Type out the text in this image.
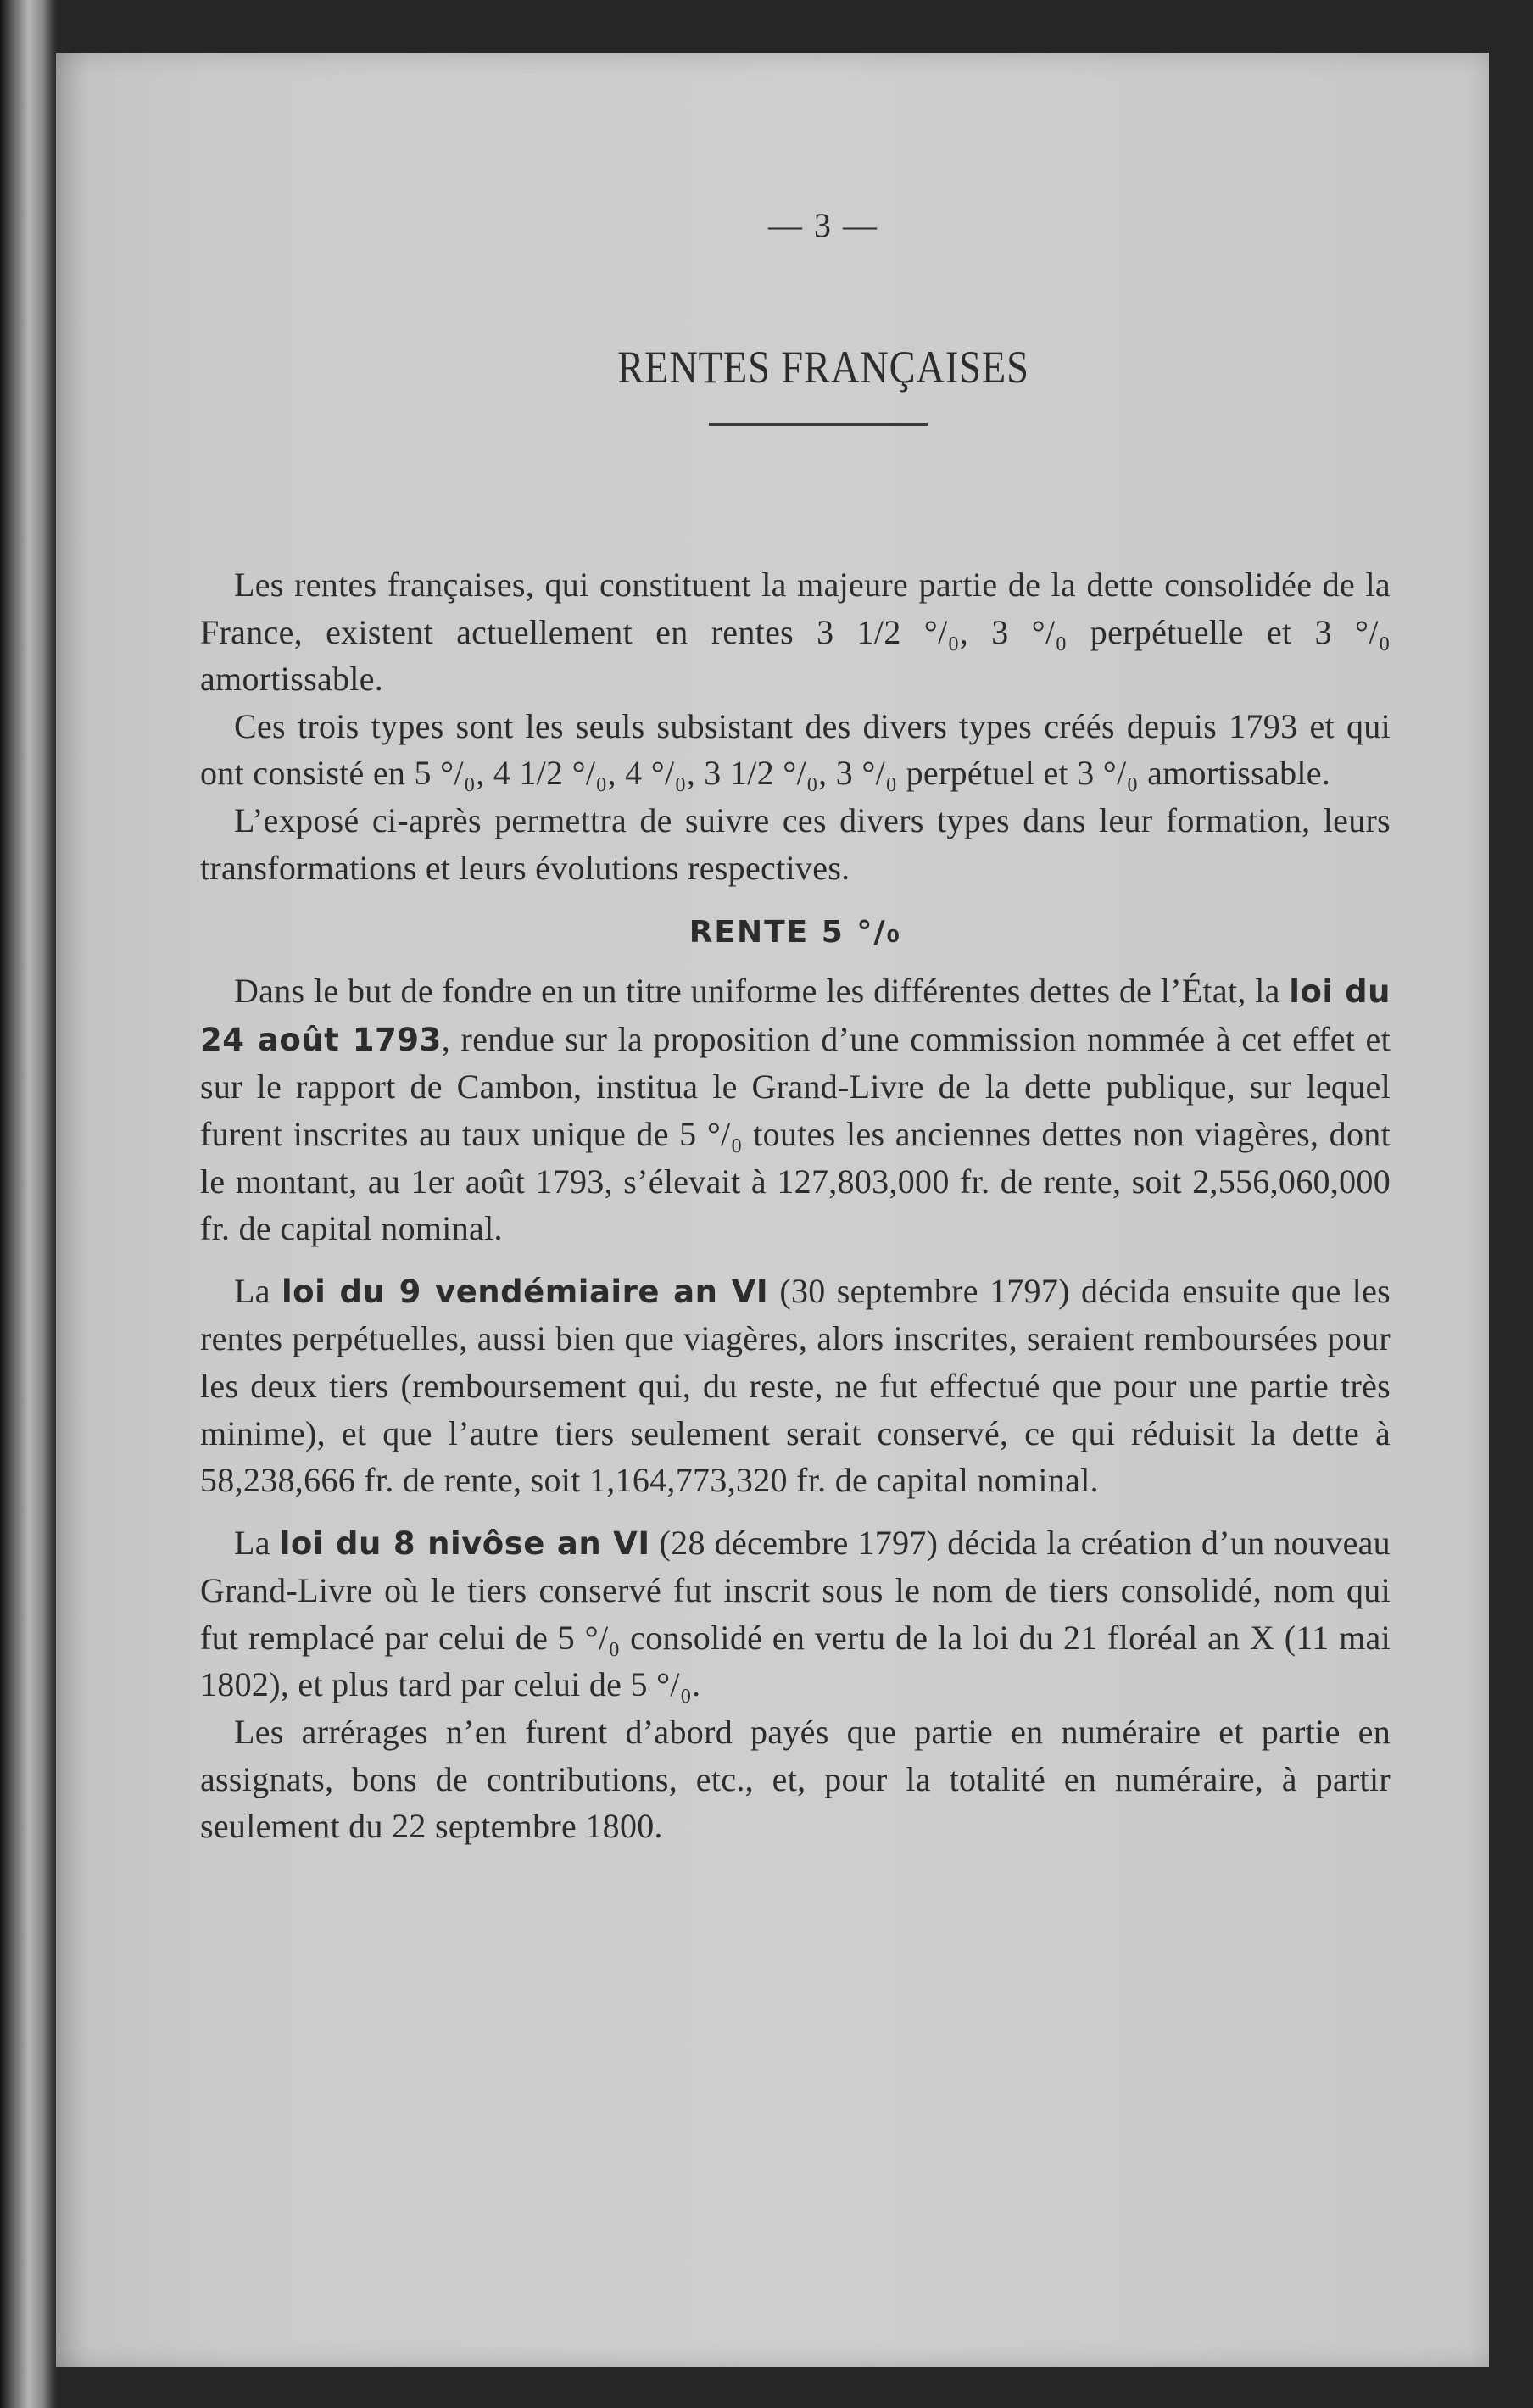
— 3 —
RENTES FRANÇAISES

Les rentes françaises, qui constituent la majeure partie de la dette consolidée de la France, existent actuellement en rentes 3 1/2 °/₀, 3 °/₀ perpétuelle et 3 °/₀ amortissable.

Ces trois types sont les seuls subsistant des divers types créés depuis 1793 et qui ont consisté en 5 °/₀, 4 1/2 °/₀, 4 °/₀, 3 1/2 °/₀, 3 °/₀ perpétuel et 3 °/₀ amortissable.

L’exposé ci-après permettra de suivre ces divers types dans leur formation, leurs transformations et leurs évolutions respectives.

RENTE 5 °/₀

Dans le but de fondre en un titre uniforme les différentes dettes de l’État, la loi du 24 août 1793, rendue sur la proposition d’une commission nommée à cet effet et sur le rapport de Cambon, institua le Grand-Livre de la dette publique, sur lequel furent inscrites au taux unique de 5 °/₀ toutes les anciennes dettes non viagères, dont le montant, au 1er août 1793, s’élevait à 127,803,000 fr. de rente, soit 2,556,060,000 fr. de capital nominal.

La loi du 9 vendémiaire an VI (30 septembre 1797) décida ensuite que les rentes perpétuelles, aussi bien que viagères, alors inscrites, seraient remboursées pour les deux tiers (remboursement qui, du reste, ne fut effectué que pour une partie très minime), et que l’autre tiers seulement serait conservé, ce qui réduisit la dette à 58,238,666 fr. de rente, soit 1,164,773,320 fr. de capital nominal.

La loi du 8 nivôse an VI (28 décembre 1797) décida la création d’un nouveau Grand-Livre où le tiers conservé fut inscrit sous le nom de tiers consolidé, nom qui fut remplacé par celui de 5 °/₀ consolidé en vertu de la loi du 21 floréal an X (11 mai 1802), et plus tard par celui de 5 °/₀.

Les arrérages n’en furent d’abord payés que partie en numéraire et partie en assignats, bons de contributions, etc., et, pour la totalité en numéraire, à partir seulement du 22 septembre 1800.
